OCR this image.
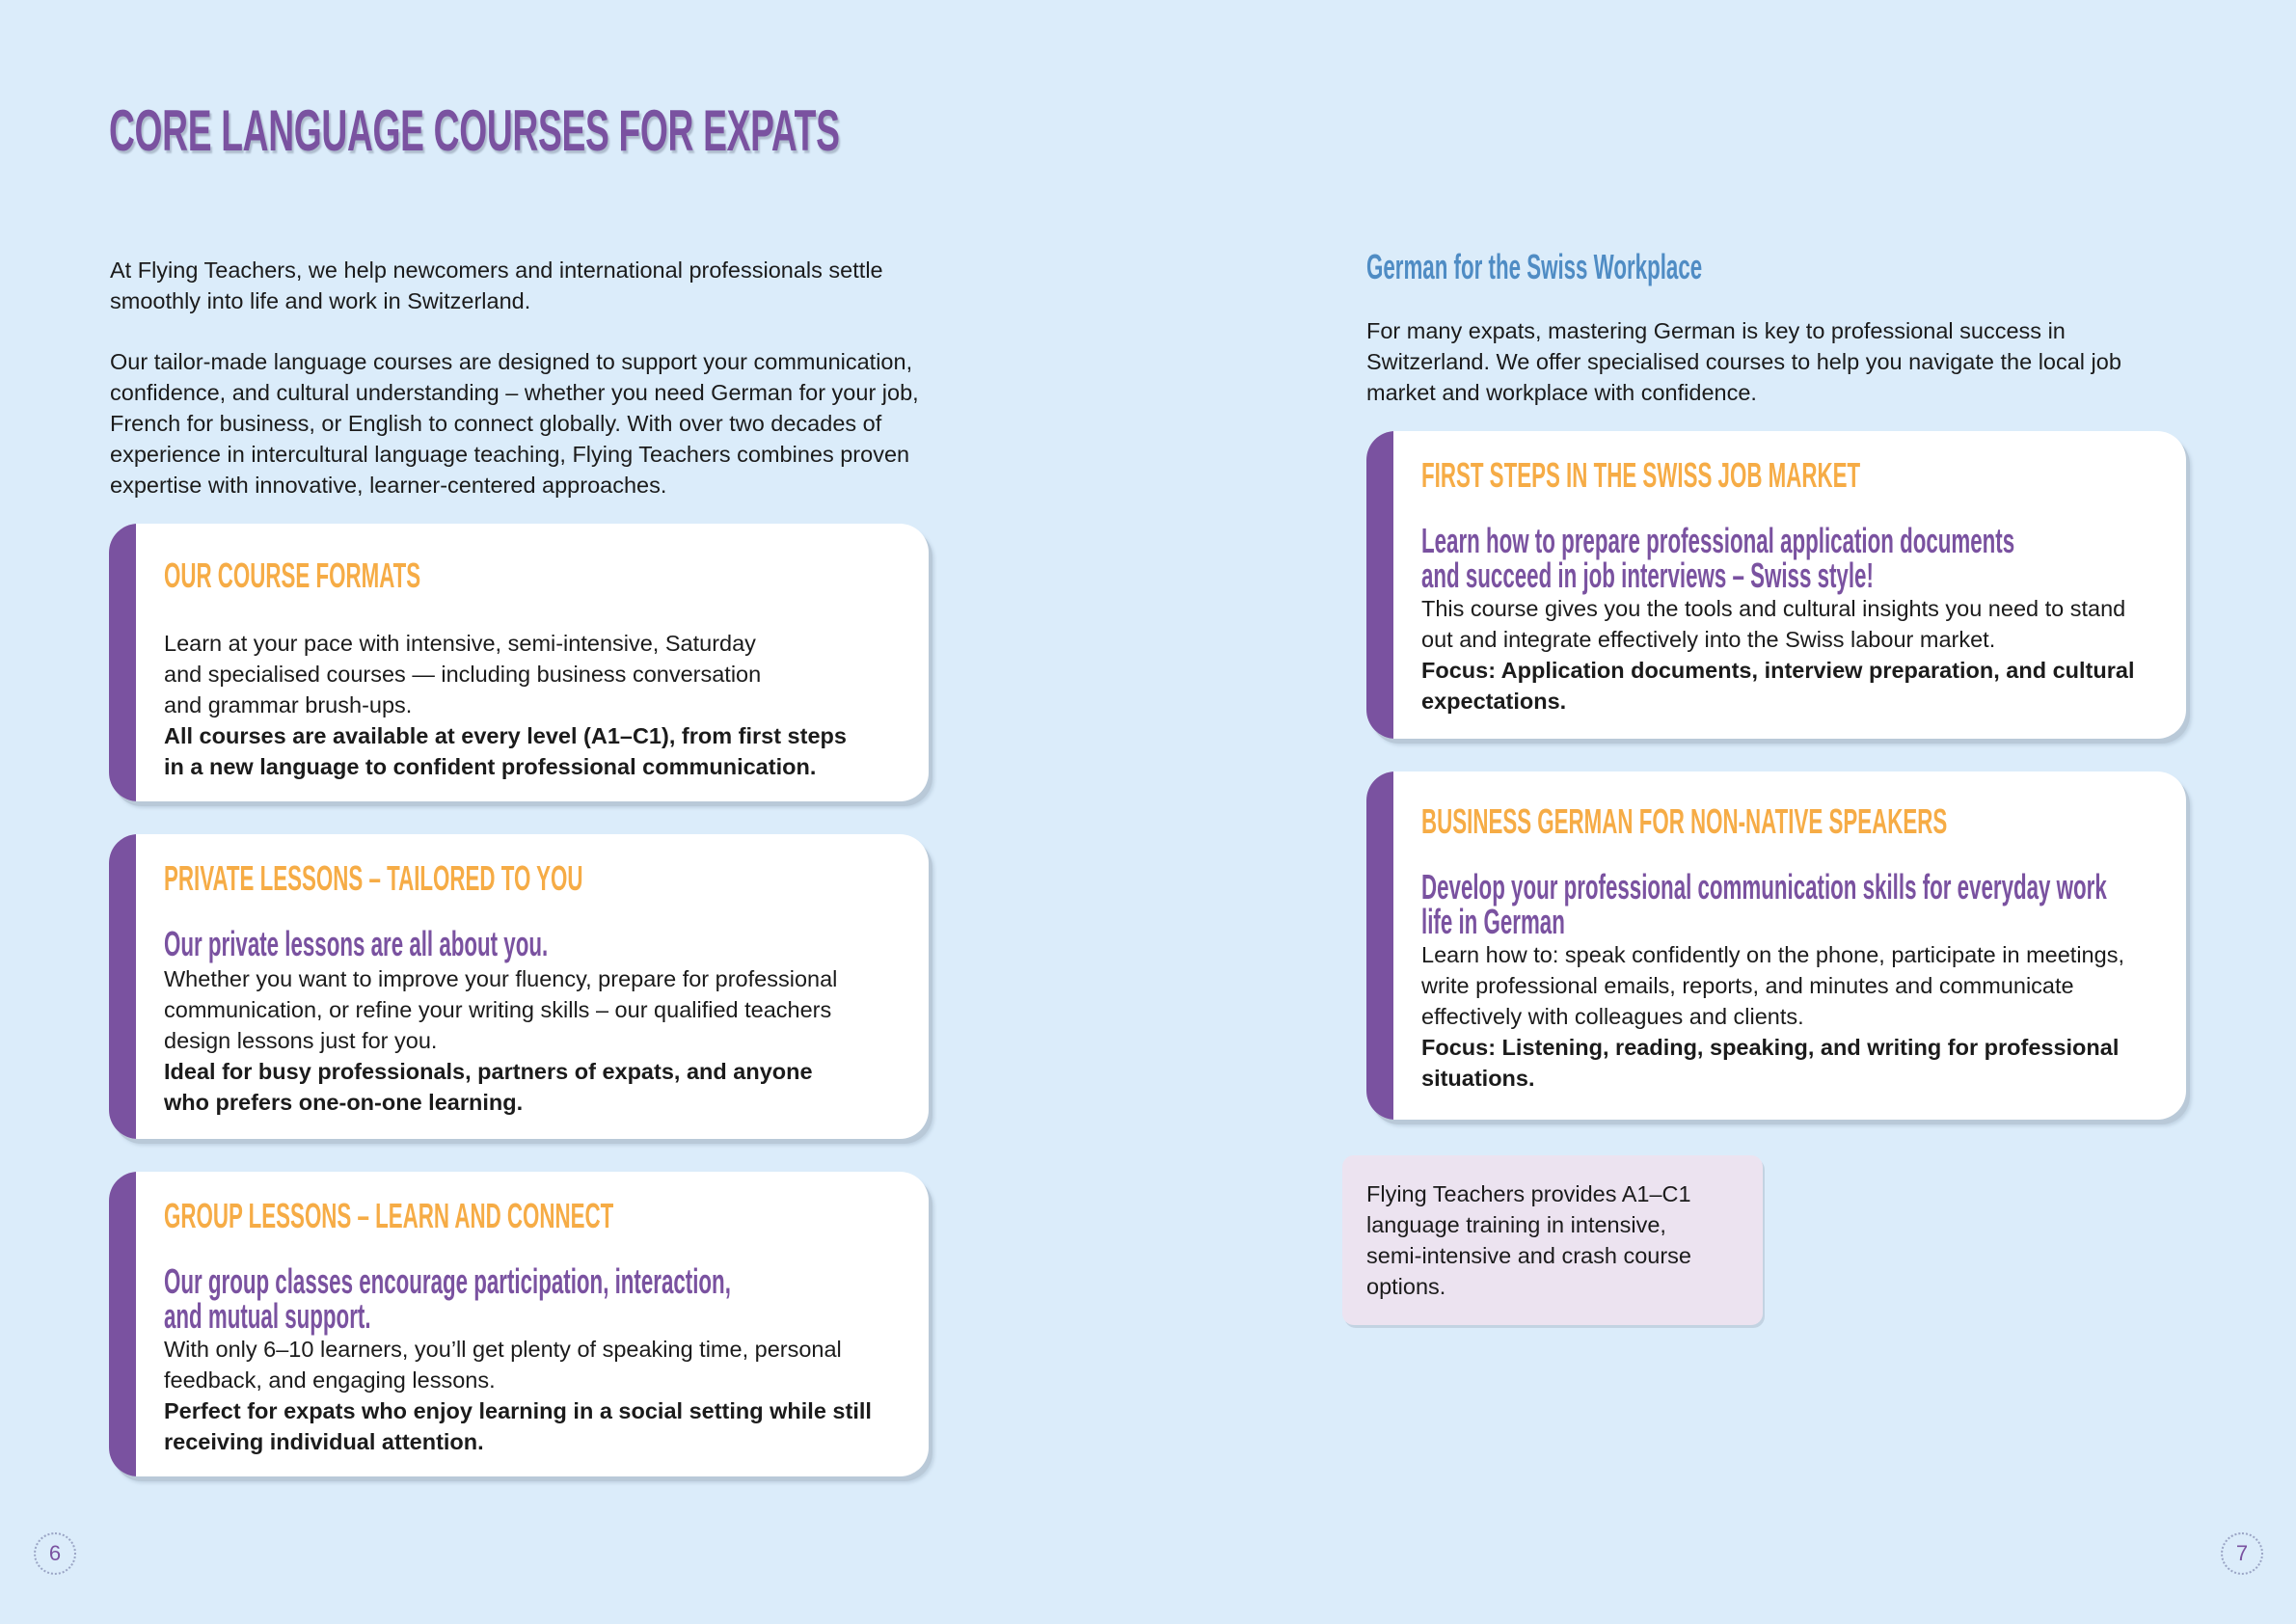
CORE LANGUAGE COURSES FOR EXPATS

At Flying Teachers, we help newcomers and international professionals settle
smoothly into life and work in Switzerland.

Our tailor-made language courses are designed to support your communication,
confidence, and cultural understanding – whether you need German for your job,
French for business, or English to connect globally. With over two decades of
experience in intercultural language teaching, Flying Teachers combines proven
expertise with innovative, learner-centered approaches.

OUR COURSE FORMATS

Learn at your pace with intensive, semi-intensive, Saturday
and specialised courses — including business conversation
and grammar brush-ups.

All courses are available at every level (A1–C1), from first steps
in a new language to confident professional communication.

PRIVATE LESSONS – TAILORED TO YOU
Our private lessons are all about you.

Whether you want to improve your fluency, prepare for professional
communication, or refine your writing skills – our qualified teachers
design lessons just for you.

Ideal for busy professionals, partners of expats, and anyone
who prefers one-on-one learning.

GROUP LESSONS – LEARN AND CONNECT
Our group classes encourage participation, interaction,
and mutual support.

With only 6–10 learners, you’ll get plenty of speaking time, personal
feedback, and engaging lessons.

Perfect for expats who enjoy learning in a social setting while still
receiving individual attention.

German for the Swiss Workplace

For many expats, mastering German is key to professional success in
Switzerland. We offer specialised courses to help you navigate the local job
market and workplace with confidence.

FIRST STEPS IN THE SWISS JOB MARKET
Learn how to prepare professional application documents
and succeed in job interviews – Swiss style!

This course gives you the tools and cultural insights you need to stand
out and integrate effectively into the Swiss labour market.

Focus: Application documents, interview preparation, and cultural
expectations.

BUSINESS GERMAN FOR NON-NATIVE SPEAKERS
Develop your professional communication skills for everyday work
life in German

Learn how to: speak confidently on the phone, participate in meetings,
write professional emails, reports, and minutes and communicate
effectively with colleagues and clients.

Focus: Listening, reading, speaking, and writing for professional
situations.

Flying Teachers provides A1–C1
language training in intensive,
semi-intensive and crash course
options.

6	7
